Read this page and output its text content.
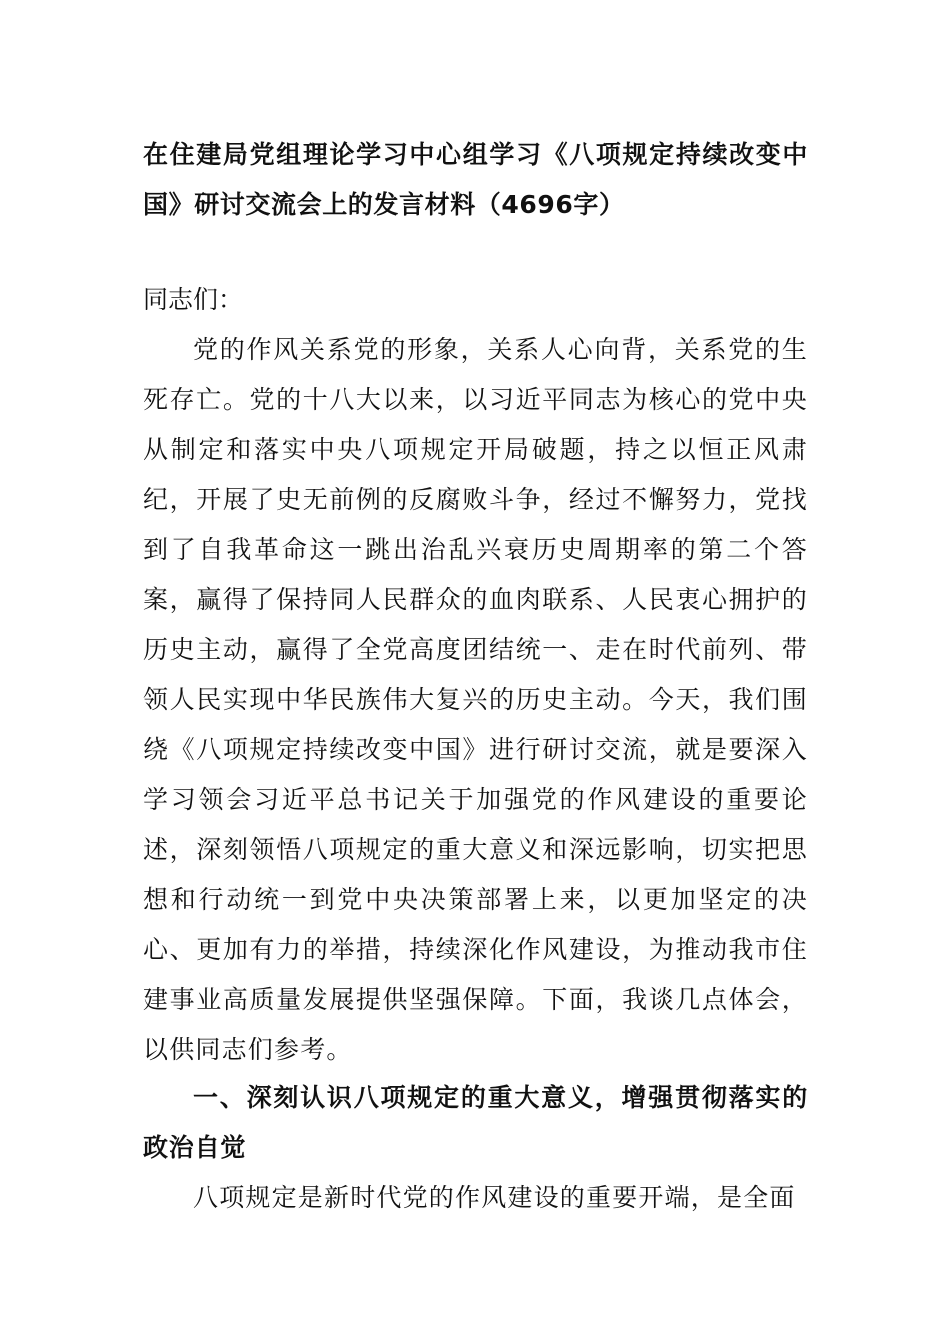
在住建局党组理论学习中心组学习《八项规定持续改变中国》研讨交流会上的发言材料（4696字）

同志们：

党的作风关系党的形象，关系人心向背，关系党的生死存亡。党的十八大以来，以习近平同志为核心的党中央从制定和落实中央八项规定开局破题，持之以恒正风肃纪，开展了史无前例的反腐败斗争，经过不懈努力，党找到了自我革命这一跳出治乱兴衰历史周期率的第二个答案，赢得了保持同人民群众的血肉联系、人民衷心拥护的历史主动，赢得了全党高度团结统一、走在时代前列、带领人民实现中华民族伟大复兴的历史主动。今天，我们围绕《八项规定持续改变中国》进行研讨交流，就是要深入学习领会习近平总书记关于加强党的作风建设的重要论述，深刻领悟八项规定的重大意义和深远影响，切实把思想和行动统一到党中央决策部署上来，以更加坚定的决心、更加有力的举措，持续深化作风建设，为推动我市住建事业高质量发展提供坚强保障。下面，我谈几点体会，以供同志们参考。

一、深刻认识八项规定的重大意义，增强贯彻落实的政治自觉

八项规定是新时代党的作风建设的重要开端，是全面
